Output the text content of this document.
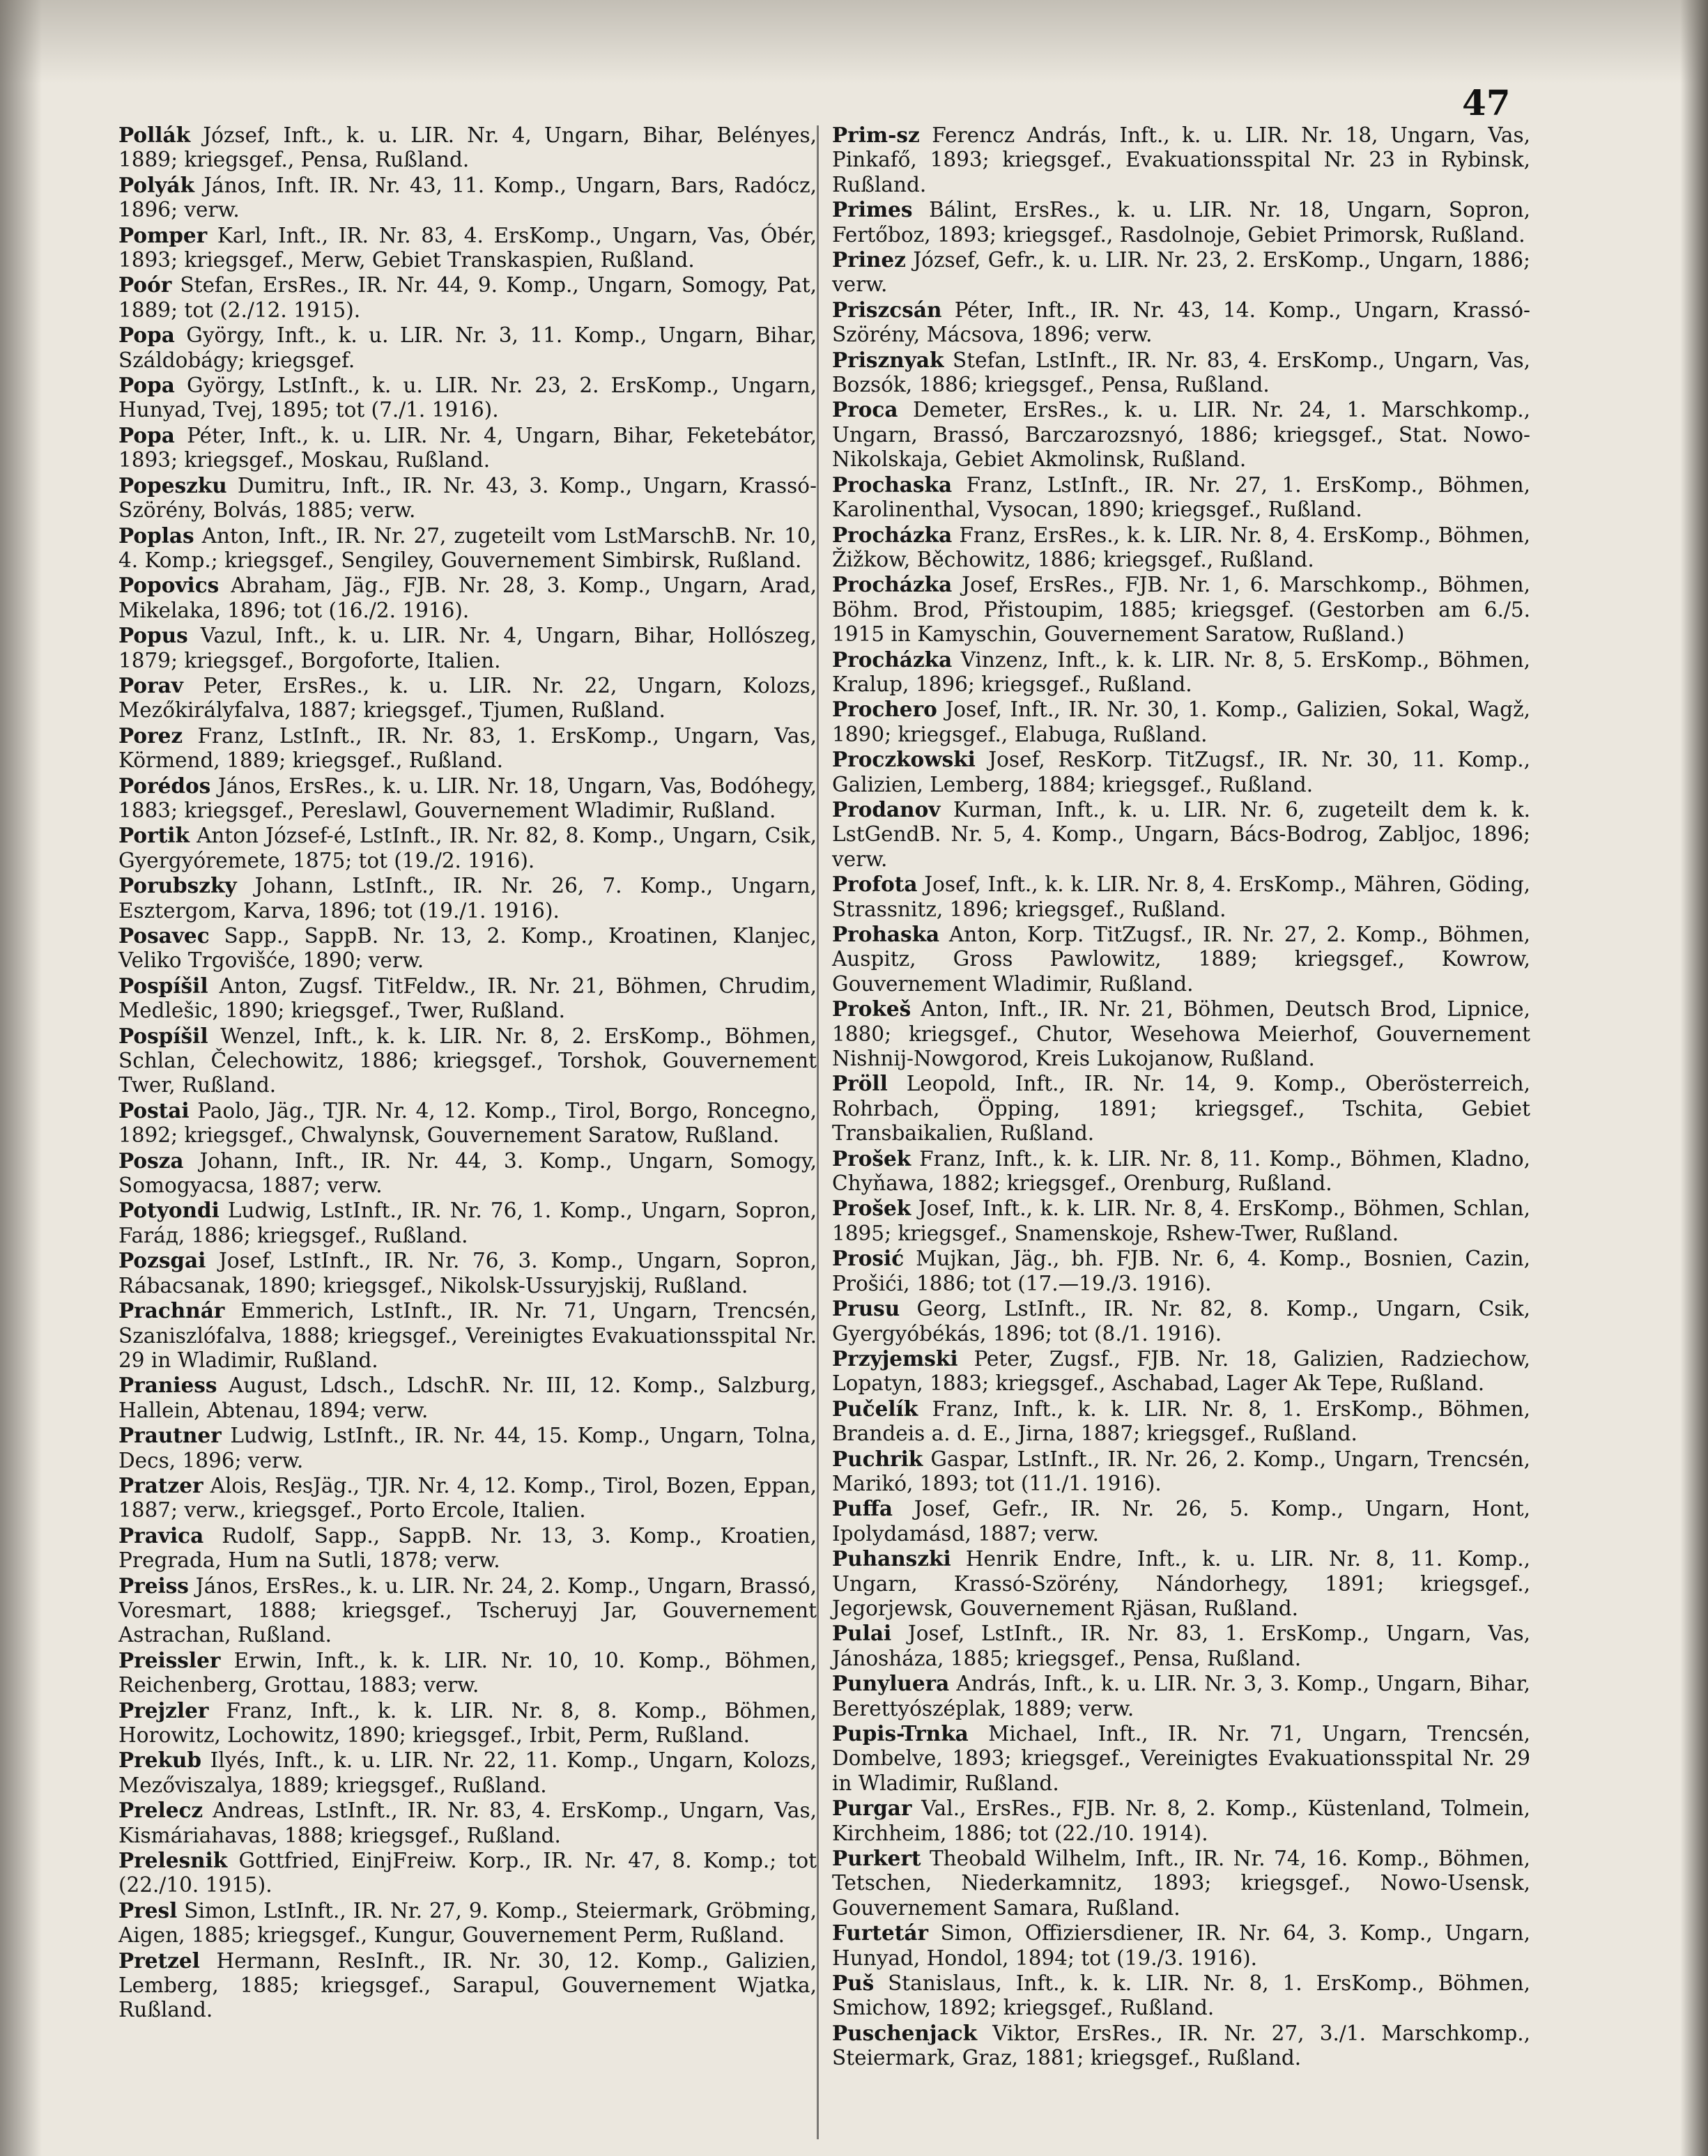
47

Pollák József, Inft., k. u. LIR. Nr. 4, Ungarn, Bihar, Belényes, 1889; kriegsgef., Pensa, Rußland.

Polyák János, Inft. IR. Nr. 43, 11. Komp., Ungarn, Bars, Radócz, 1896; verw.

Pomper Karl, Inft., IR. Nr. 83, 4. ErsKomp., Ungarn, Vas, Óbér, 1893; kriegsgef., Merw, Gebiet Transkaspien, Rußland.

Poór Stefan, ErsRes., IR. Nr. 44, 9. Komp., Ungarn, Somogy, Pat, 1889; tot (2./12. 1915).

Popa György, Inft., k. u. LIR. Nr. 3, 11. Komp., Ungarn, Bihar, Száldobágy; kriegsgef.

Popa György, LstInft., k. u. LIR. Nr. 23, 2. ErsKomp., Ungarn, Hunyad, Tvej, 1895; tot (7./1. 1916).

Popa Péter, Inft., k. u. LIR. Nr. 4, Ungarn, Bihar, Feketebátor, 1893; kriegsgef., Moskau, Rußland.

Popeszku Dumitru, Inft., IR. Nr. 43, 3. Komp., Ungarn, Krassó-Szörény, Bolvás, 1885; verw.

Poplas Anton, Inft., IR. Nr. 27, zugeteilt vom LstMarschB. Nr. 10, 4. Komp.; kriegsgef., Sengiley, Gouvernement Simbirsk, Rußland.

Popovics Abraham, Jäg., FJB. Nr. 28, 3. Komp., Ungarn, Arad, Mikelaka, 1896; tot (16./2. 1916).

Popus Vazul, Inft., k. u. LIR. Nr. 4, Ungarn, Bihar, Hollószeg, 1879; kriegsgef., Borgoforte, Italien.

Porav Peter, ErsRes., k. u. LIR. Nr. 22, Ungarn, Kolozs, Mezőkirályfalva, 1887; kriegsgef., Tjumen, Rußland.

Porez Franz, LstInft., IR. Nr. 83, 1. ErsKomp., Ungarn, Vas, Körmend, 1889; kriegsgef., Rußland.

Porédos János, ErsRes., k. u. LIR. Nr. 18, Ungarn, Vas, Bodóhegy, 1883; kriegsgef., Pereslawl, Gouvernement Wladimir, Rußland.

Portik Anton József-é, LstInft., IR. Nr. 82, 8. Komp., Ungarn, Csik, Gyergyóremete, 1875; tot (19./2. 1916).

Porubszky Johann, LstInft., IR. Nr. 26, 7. Komp., Ungarn, Esztergom, Karva, 1896; tot (19./1. 1916).

Posavec Sapp., SappB. Nr. 13, 2. Komp., Kroatinen, Klanjec, Veliko Trgovišće, 1890; verw.

Pospíšil Anton, Zugsf. TitFeldw., IR. Nr. 21, Böhmen, Chrudim, Medlešic, 1890; kriegsgef., Twer, Rußland.

Pospíšil Wenzel, Inft., k. k. LIR. Nr. 8, 2. ErsKomp., Böhmen, Schlan, Čelechowitz, 1886; kriegsgef., Torshok, Gouvernement Twer, Rußland.

Postai Paolo, Jäg., TJR. Nr. 4, 12. Komp., Tirol, Borgo, Roncegno, 1892; kriegsgef., Chwalynsk, Gouvernement Saratow, Rußland.

Posza Johann, Inft., IR. Nr. 44, 3. Komp., Ungarn, Somogy, Somogyacsa, 1887; verw.

Potyondi Ludwig, LstInft., IR. Nr. 76, 1. Komp., Ungarn, Sopron, Faráд, 1886; kriegsgef., Rußland.

Pozsgai Josef, LstInft., IR. Nr. 76, 3. Komp., Ungarn, Sopron, Rábacsanak, 1890; kriegsgef., Nikolsk-Ussuryjskij, Rußland.

Prachnár Emmerich, LstInft., IR. Nr. 71, Ungarn, Trencsén, Szaniszlófalva, 1888; kriegsgef., Vereinigtes Evakuationsspital Nr. 29 in Wladimir, Rußland.

Praniess August, Ldsch., LdschR. Nr. III, 12. Komp., Salzburg, Hallein, Abtenau, 1894; verw.

Prautner Ludwig, LstInft., IR. Nr. 44, 15. Komp., Ungarn, Tolna, Decs, 1896; verw.

Pratzer Alois, ResJäg., TJR. Nr. 4, 12. Komp., Tirol, Bozen, Eppan, 1887; verw., kriegsgef., Porto Ercole, Italien.

Pravica Rudolf, Sapp., SappB. Nr. 13, 3. Komp., Kroatien, Pregrada, Hum na Sutli, 1878; verw.

Preiss János, ErsRes., k. u. LIR. Nr. 24, 2. Komp., Ungarn, Brassó, Voresmart, 1888; kriegsgef., Tscheruyj Jar, Gouvernement Astrachan, Rußland.

Preissler Erwin, Inft., k. k. LIR. Nr. 10, 10. Komp., Böhmen, Reichenberg, Grottau, 1883; verw.

Prejzler Franz, Inft., k. k. LIR. Nr. 8, 8. Komp., Böhmen, Horowitz, Lochowitz, 1890; kriegsgef., Irbit, Perm, Rußland.

Prekub Ilyés, Inft., k. u. LIR. Nr. 22, 11. Komp., Ungarn, Kolozs, Mezőviszalya, 1889; kriegsgef., Rußland.

Prelecz Andreas, LstInft., IR. Nr. 83, 4. ErsKomp., Ungarn, Vas, Kismáriahavas, 1888; kriegsgef., Rußland.

Prelesnik Gottfried, EinjFreiw. Korp., IR. Nr. 47, 8. Komp.; tot (22./10. 1915).

Presl Simon, LstInft., IR. Nr. 27, 9. Komp., Steiermark, Gröbming, Aigen, 1885; kriegsgef., Kungur, Gouvernement Perm, Rußland.

Pretzel Hermann, ResInft., IR. Nr. 30, 12. Komp., Galizien, Lemberg, 1885; kriegsgef., Sarapul, Gouvernement Wjatka, Rußland.

Prim-sz Ferencz András, Inft., k. u. LIR. Nr. 18, Ungarn, Vas, Pinkafő, 1893; kriegsgef., Evakuationsspital Nr. 23 in Rybinsk, Rußland.

Primes Bálint, ErsRes., k. u. LIR. Nr. 18, Ungarn, Sopron, Fertőboz, 1893; kriegsgef., Rasdolnoje, Gebiet Primorsk, Rußland.

Prinez József, Gefr., k. u. LIR. Nr. 23, 2. ErsKomp., Ungarn, 1886; verw.

Priszcsán Péter, Inft., IR. Nr. 43, 14. Komp., Ungarn, Krassó-Szörény, Mácsova, 1896; verw.

Prisznyak Stefan, LstInft., IR. Nr. 83, 4. ErsKomp., Ungarn, Vas, Bozsók, 1886; kriegsgef., Pensa, Rußland.

Proca Demeter, ErsRes., k. u. LIR. Nr. 24, 1. Marschkomp., Ungarn, Brassó, Barczarozsnyó, 1886; kriegsgef., Stat. Nowo-Nikolskaja, Gebiet Akmolinsk, Rußland.

Prochaska Franz, LstInft., IR. Nr. 27, 1. ErsKomp., Böhmen, Karolinenthal, Vysocan, 1890; kriegsgef., Rußland.

Procházka Franz, ErsRes., k. k. LIR. Nr. 8, 4. ErsKomp., Böhmen, Žižkow, Běchowitz, 1886; kriegsgef., Rußland.

Procházka Josef, ErsRes., FJB. Nr. 1, 6. Marschkomp., Böhmen, Böhm. Brod, Přistoupim, 1885; kriegsgef. (Gestorben am 6./5. 1915 in Kamyschin, Gouvernement Saratow, Rußland.)

Procházka Vinzenz, Inft., k. k. LIR. Nr. 8, 5. ErsKomp., Böhmen, Kralup, 1896; kriegsgef., Rußland.

Prochero Josef, Inft., IR. Nr. 30, 1. Komp., Galizien, Sokal, Wagž, 1890; kriegsgef., Elabuga, Rußland.

Proczkowski Josef, ResKorp. TitZugsf., IR. Nr. 30, 11. Komp., Galizien, Lemberg, 1884; kriegsgef., Rußland.

Prodanov Kurman, Inft., k. u. LIR. Nr. 6, zugeteilt dem k. k. LstGendB. Nr. 5, 4. Komp., Ungarn, Bács-Bodrog, Zabljoc, 1896; verw.

Profota Josef, Inft., k. k. LIR. Nr. 8, 4. ErsKomp., Mähren, Göding, Strassnitz, 1896; kriegsgef., Rußland.

Prohaska Anton, Korp. TitZugsf., IR. Nr. 27, 2. Komp., Böhmen, Auspitz, Gross Pawlowitz, 1889; kriegsgef., Kowrow, Gouvernement Wladimir, Rußland.

Prokeš Anton, Inft., IR. Nr. 21, Böhmen, Deutsch Brod, Lipnice, 1880; kriegsgef., Chutor, Wesehowa Meierhof, Gouvernement Nishnij-Nowgorod, Kreis Lukojanow, Rußland.

Pröll Leopold, Inft., IR. Nr. 14, 9. Komp., Oberösterreich, Rohrbach, Öpping, 1891; kriegsgef., Tschita, Gebiet Transbaikalien, Rußland.

Prošek Franz, Inft., k. k. LIR. Nr. 8, 11. Komp., Böhmen, Kladno, Chyňawa, 1882; kriegsgef., Orenburg, Rußland.

Prošek Josef, Inft., k. k. LIR. Nr. 8, 4. ErsKomp., Böhmen, Schlan, 1895; kriegsgef., Snamenskoje, Rshew-Twer, Rußland.

Prosić Mujkan, Jäg., bh. FJB. Nr. 6, 4. Komp., Bosnien, Cazin, Prošići, 1886; tot (17.—19./3. 1916).

Prusu Georg, LstInft., IR. Nr. 82, 8. Komp., Ungarn, Csik, Gyergyóbékás, 1896; tot (8./1. 1916).

Przyjemski Peter, Zugsf., FJB. Nr. 18, Galizien, Radziechow, Lopatyn, 1883; kriegsgef., Aschabad, Lager Ak Tepe, Rußland.

Pučelík Franz, Inft., k. k. LIR. Nr. 8, 1. ErsKomp., Böhmen, Brandeis a. d. E., Jirna, 1887; kriegsgef., Rußland.

Puchrik Gaspar, LstInft., IR. Nr. 26, 2. Komp., Ungarn, Trencsén, Marikó, 1893; tot (11./1. 1916).

Puffa Josef, Gefr., IR. Nr. 26, 5. Komp., Ungarn, Hont, Ipolydamásd, 1887; verw.

Puhanszki Henrik Endre, Inft., k. u. LIR. Nr. 8, 11. Komp., Ungarn, Krassó-Szörény, Nándorhegy, 1891; kriegsgef., Jegorjewsk, Gouvernement Rjäsan, Rußland.

Pulai Josef, LstInft., IR. Nr. 83, 1. ErsKomp., Ungarn, Vas, Jánosháza, 1885; kriegsgef., Pensa, Rußland.

Punyluera András, Inft., k. u. LIR. Nr. 3, 3. Komp., Ungarn, Bihar, Berettyószéplak, 1889; verw.

Pupis-Trnka Michael, Inft., IR. Nr. 71, Ungarn, Trencsén, Dombelve, 1893; kriegsgef., Vereinigtes Evakuationsspital Nr. 29 in Wladimir, Rußland.

Purgar Val., ErsRes., FJB. Nr. 8, 2. Komp., Küstenland, Tolmein, Kirchheim, 1886; tot (22./10. 1914).

Purkert Theobald Wilhelm, Inft., IR. Nr. 74, 16. Komp., Böhmen, Tetschen, Niederkamnitz, 1893; kriegsgef., Nowo-Usensk, Gouvernement Samara, Rußland.

Furtetár Simon, Offiziersdiener, IR. Nr. 64, 3. Komp., Ungarn, Hunyad, Hondol, 1894; tot (19./3. 1916).

Puš Stanislaus, Inft., k. k. LIR. Nr. 8, 1. ErsKomp., Böhmen, Smichow, 1892; kriegsgef., Rußland.

Puschenjack Viktor, ErsRes., IR. Nr. 27, 3./1. Marschkomp., Steiermark, Graz, 1881; kriegsgef., Rußland.
